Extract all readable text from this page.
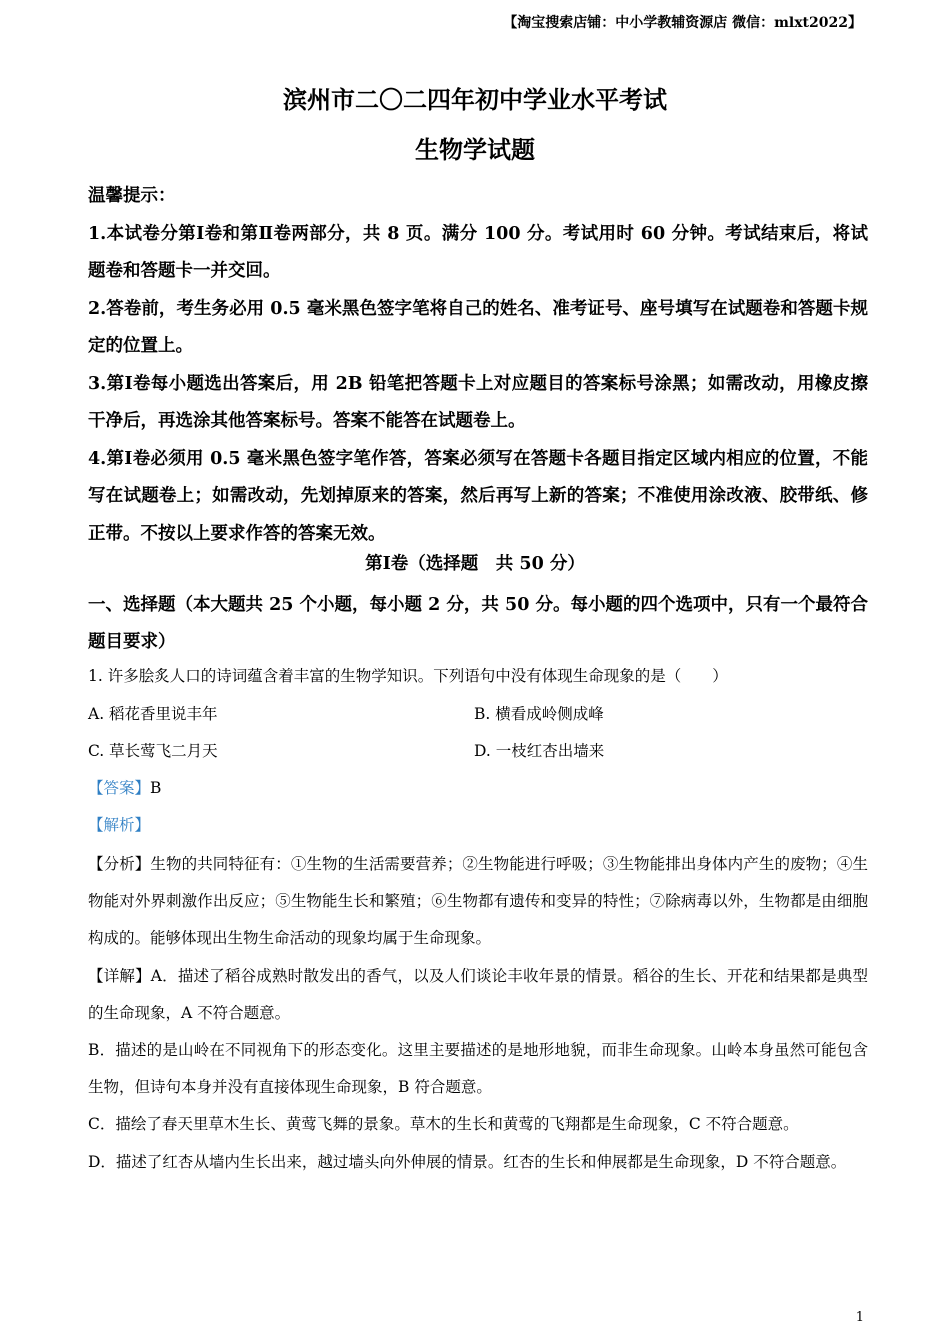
【淘宝搜索店铺：中小学教辅资源店 微信：mlxt2022】
滨州市二〇二四年初中学业水平考试
生物学试题

温馨提示：

1.本试卷分第Ⅰ卷和第Ⅱ卷两部分，共 8 页。满分 100 分。考试用时 60 分钟。考试结束后，将试题卷和答题卡一并交回。

2.答卷前，考生务必用 0.5 毫米黑色签字笔将自己的姓名、准考证号、座号填写在试题卷和答题卡规定的位置上。

3.第Ⅰ卷每小题选出答案后，用 2B 铅笔把答题卡上对应题目的答案标号涂黑；如需改动，用橡皮擦干净后，再选涂其他答案标号。答案不能答在试题卷上。

4.第Ⅰ卷必须用 0.5 毫米黑色签字笔作答，答案必须写在答题卡各题目指定区域内相应的位置，不能写在试题卷上；如需改动，先划掉原来的答案，然后再写上新的答案；不准使用涂改液、胶带纸、修正带。不按以上要求作答的答案无效。

第Ⅰ卷（选择题　共 50 分）
一、选择题（本大题共 25 个小题，每小题 2 分，共 50 分。每小题的四个选项中，只有一个最符合题目要求）
1. 许多脍炙人口的诗词蕴含着丰富的生物学知识。下列语句中没有体现生命现象的是（　　）
A. 稻花香里说丰年	B. 横看成岭侧成峰
C. 草长莺飞二月天	D. 一枝红杏出墙来
【答案】B
【解析】

【分析】生物的共同特征有：①生物的生活需要营养；②生物能进行呼吸；③生物能排出身体内产生的废物；④生物能对外界刺激作出反应；⑤生物能生长和繁殖；⑥生物都有遗传和变异的特性；⑦除病毒以外，生物都是由细胞构成的。能够体现出生物生命活动的现象均属于生命现象。

【详解】A．描述了稻谷成熟时散发出的香气，以及人们谈论丰收年景的情景。稻谷的生长、开花和结果都是典型的生命现象，A 不符合题意。

B．描述的是山岭在不同视角下的形态变化。这里主要描述的是地形地貌，而非生命现象。山岭本身虽然可能包含生物，但诗句本身并没有直接体现生命现象，B 符合题意。

C．描绘了春天里草木生长、黄莺飞舞的景象。草木的生长和黄莺的飞翔都是生命现象，C 不符合题意。

D．描述了红杏从墙内生长出来，越过墙头向外伸展的情景。红杏的生长和伸展都是生命现象，D 不符合题意。

1
